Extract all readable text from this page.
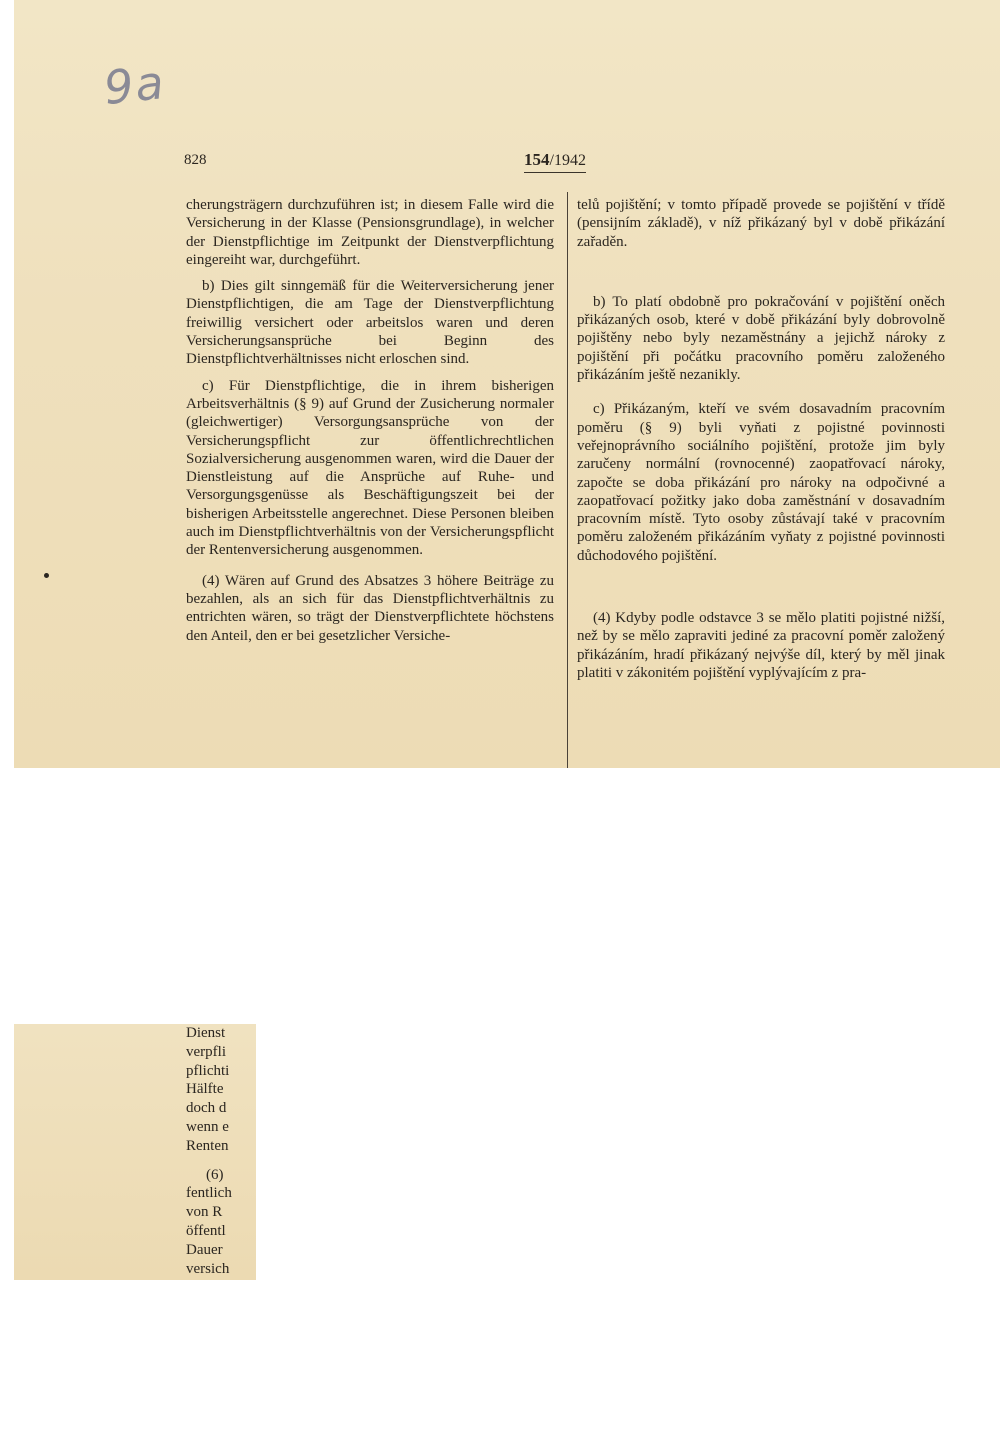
9a
828	154/1942

cherungsträgern durchzuführen ist; in diesem Falle wird die Versicherung in der Klasse (Pensionsgrundlage), in welcher der Dienstpflichtige im Zeitpunkt der Dienstverpflichtung eingereiht war, durchgeführt.

b) Dies gilt sinngemäß für die Weiterversicherung jener Dienstpflichtigen, die am Tage der Dienstverpflichtung freiwillig versichert oder arbeitslos waren und deren Versicherungsansprüche bei Beginn des Dienstpflichtverhältnisses nicht erloschen sind.

c) Für Dienstpflichtige, die in ihrem bisherigen Arbeitsverhältnis (§ 9) auf Grund der Zusicherung normaler (gleichwertiger) Versorgungsansprüche von der Versicherungspflicht zur öffentlichrechtlichen Sozialversicherung ausgenommen waren, wird die Dauer der Dienstleistung auf die Ansprüche auf Ruhe- und Versorgungsgenüsse als Beschäftigungszeit bei der bisherigen Arbeitsstelle angerechnet. Diese Personen bleiben auch im Dienstpflichtverhältnis von der Versicherungspflicht der Rentenversicherung ausgenommen.

(4) Wären auf Grund des Absatzes 3 höhere Beiträge zu bezahlen, als an sich für das Dienstpflichtverhältnis zu entrichten wären, so trägt der Dienstverpflichtete höchstens den Anteil, den er bei gesetzlicher Versiche-

telů pojištění; v tomto případě provede se pojištění v třídě (pensijním základě), v níž přikázaný byl v době přikázání zařaděn.

b) To platí obdobně pro pokračování v pojištění oněch přikázaných osob, které v době přikázání byly dobrovolně pojištěny nebo byly nezaměstnány a jejichž nároky z pojištění při počátku pracovního poměru založeného přikázáním ještě nezanikly.

c) Přikázaným, kteří ve svém dosavadním pracovním poměru (§ 9) byli vyňati z pojistné povinnosti veřejnoprávního sociálního pojištění, protože jim byly zaručeny normální (rovnocenné) zaopatřovací nároky, započte se doba přikázání pro nároky na odpočivné a zaopatřovací požitky jako doba zaměstnání v dosavadním pracovním místě. Tyto osoby zůstávají také v pracovním poměru založeném přikázáním vyňaty z pojistné povinnosti důchodového pojištění.

(4) Kdyby podle odstavce 3 se mělo platiti pojistné nižší, než by se mělo zapraviti jediné za pracovní poměr založený přikázáním, hradí přikázaný nejvýše díl, který by měl jinak platiti v zákonitém pojištění vyplývajícím z pra-

Dienst
verpfli
pflichti
Hälfte
doch d
wenn e
Renten
(6)
fentlich
von R
öffentl
Dauer
versich
